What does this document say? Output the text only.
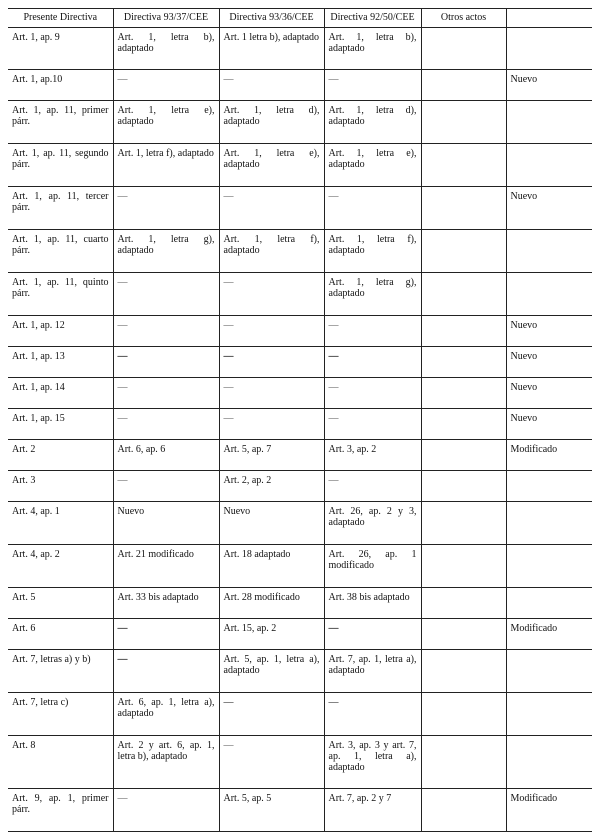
Presente Directiva	Directiva 93/37/CEE	Directiva 93/36/CEE	Directiva 92/50/CEE	Otros actos	
Art. 1, ap. 9	Art. 1, letra b), adaptado	Art. 1 letra b), adaptado	Art. 1, letra b), adaptado		
Art. 1, ap.10	—	—	—		Nuevo
Art. 1, ap. 11, primer párr.	Art. 1, letra e), adaptado	Art. 1, letra d), adaptado	Art. 1, letra d), adaptado		
Art. 1, ap. 11, segundo párr.	Art. 1, letra f), adaptado	Art. 1, letra e), adaptado	Art. 1, letra e), adaptado		
Art. 1, ap. 11, tercer párr.	—	—	—		Nuevo
Art. 1, ap. 11, cuarto párr.	Art. 1, letra g), adaptado	Art. 1, letra f), adaptado	Art. 1, letra f), adaptado		
Art. 1, ap. 11, quinto párr.	—	—	Art. 1, letra g), adaptado		
Art. 1, ap. 12	—	—	—		Nuevo
Art. 1, ap. 13	—	—	—		Nuevo
Art. 1, ap. 14	—	—	—		Nuevo
Art. 1, ap. 15	—	—	—		Nuevo
Art. 2	Art. 6, ap. 6	Art. 5, ap. 7	Art. 3, ap. 2		Modificado
Art. 3	—	Art. 2, ap. 2	—		
Art. 4, ap. 1	Nuevo	Nuevo	Art. 26, ap. 2 y 3, adaptado		
Art. 4, ap. 2	Art. 21 modificado	Art. 18 adaptado	Art. 26, ap. 1 modificado		
Art. 5	Art. 33 bis adaptado	Art. 28 modificado	Art. 38 bis adaptado		
Art. 6	—	Art. 15, ap. 2	—		Modificado
Art. 7, letras a) y b)	—	Art. 5, ap. 1, letra a), adaptado	Art. 7, ap. 1, letra a), adaptado		
Art. 7, letra c)	Art. 6, ap. 1, letra a), adaptado	—	—		
Art. 8	Art. 2 y art. 6, ap. 1, letra b), adaptado	—	Art. 3, ap. 3 y art. 7, ap. 1, letra a), adaptado		
Art. 9, ap. 1, primer párr.	—	Art. 5, ap. 5	Art. 7, ap. 2 y 7		Modificado
